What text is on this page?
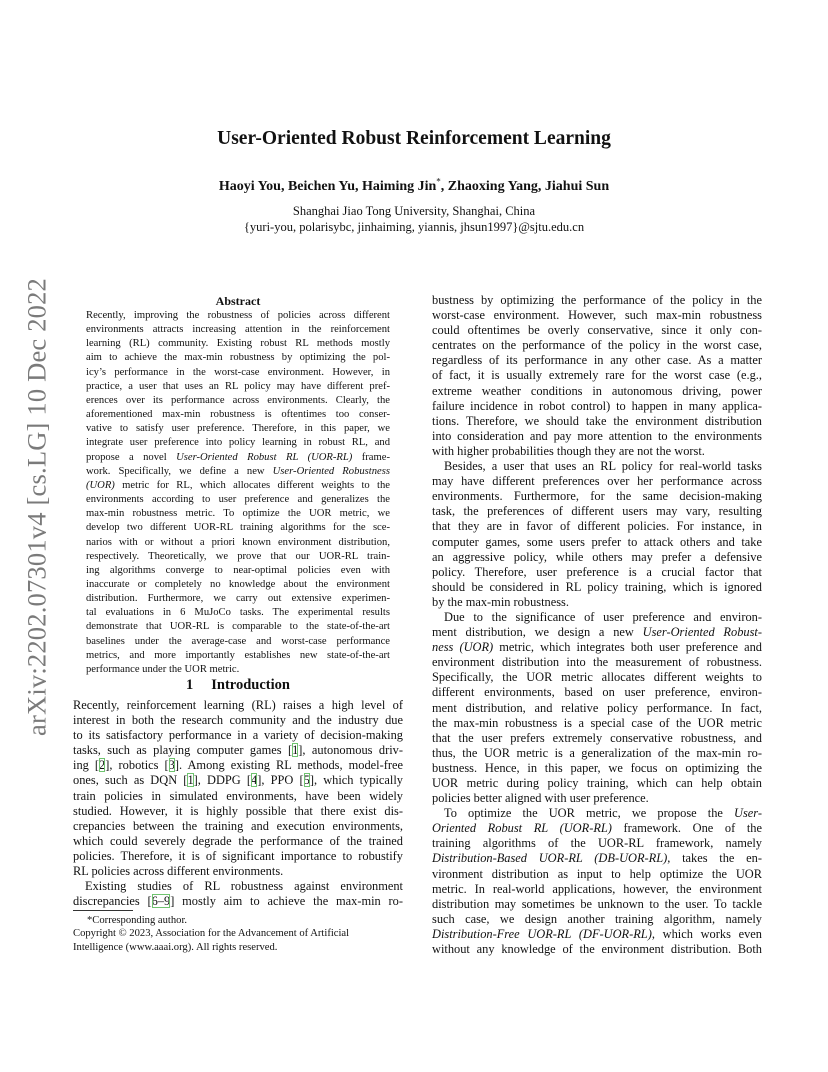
arXiv:2202.07301v4 [cs.LG] 10 Dec 2022
User-Oriented Robust Reinforcement Learning
Haoyi You, Beichen Yu, Haiming Jin*, Zhaoxing Yang, Jiahui Sun
Shanghai Jiao Tong University, Shanghai, China
{yuri-you, polarisybc, jinhaiming, yiannis, jhsun1997}@sjtu.edu.cn
Abstract
Recently, improving the robustness of policies across different
environments attracts increasing attention in the reinforcement
learning (RL) community. Existing robust RL methods mostly
aim to achieve the max-min robustness by optimizing the pol-
icy’s performance in the worst-case environment. However, in
practice, a user that uses an RL policy may have different pref-
erences over its performance across environments. Clearly, the
aforementioned max-min robustness is oftentimes too conser-
vative to satisfy user preference. Therefore, in this paper, we
integrate user preference into policy learning in robust RL, and
propose a novel User-Oriented Robust RL (UOR-RL) frame-
work. Specifically, we define a new User-Oriented Robustness
(UOR) metric for RL, which allocates different weights to the
environments according to user preference and generalizes the
max-min robustness metric. To optimize the UOR metric, we
develop two different UOR-RL training algorithms for the sce-
narios with or without a priori known environment distribution,
respectively. Theoretically, we prove that our UOR-RL train-
ing algorithms converge to near-optimal policies even with
inaccurate or completely no knowledge about the environment
distribution. Furthermore, we carry out extensive experimen-
tal evaluations in 6 MuJoCo tasks. The experimental results
demonstrate that UOR-RL is comparable to the state-of-the-art
baselines under the average-case and worst-case performance
metrics, and more importantly establishes new state-of-the-art
performance under the UOR metric.
1 Introduction
Recently, reinforcement learning (RL) raises a high level of
interest in both the research community and the industry due
to its satisfactory performance in a variety of decision-making
tasks, such as playing computer games [1], autonomous driv-
ing [2], robotics [3]. Among existing RL methods, model-free
ones, such as DQN [1], DDPG [4], PPO [5], which typically
train policies in simulated environments, have been widely
studied. However, it is highly possible that there exist dis-
crepancies between the training and execution environments,
which could severely degrade the performance of the trained
policies. Therefore, it is of significant importance to robustify
RL policies across different environments.
Existing studies of RL robustness against environment
discrepancies [6–9] mostly aim to achieve the max-min ro-
*Corresponding author.
Copyright © 2023, Association for the Advancement of Artificial
Intelligence (www.aaai.org). All rights reserved.
bustness by optimizing the performance of the policy in the
worst-case environment. However, such max-min robustness
could oftentimes be overly conservative, since it only con-
centrates on the performance of the policy in the worst case,
regardless of its performance in any other case. As a matter
of fact, it is usually extremely rare for the worst case (e.g.,
extreme weather conditions in autonomous driving, power
failure incidence in robot control) to happen in many applica-
tions. Therefore, we should take the environment distribution
into consideration and pay more attention to the environments
with higher probabilities though they are not the worst.
Besides, a user that uses an RL policy for real-world tasks
may have different preferences over her performance across
environments. Furthermore, for the same decision-making
task, the preferences of different users may vary, resulting
that they are in favor of different policies. For instance, in
computer games, some users prefer to attack others and take
an aggressive policy, while others may prefer a defensive
policy. Therefore, user preference is a crucial factor that
should be considered in RL policy training, which is ignored
by the max-min robustness.
Due to the significance of user preference and environ-
ment distribution, we design a new User-Oriented Robust-
ness (UOR) metric, which integrates both user preference and
environment distribution into the measurement of robustness.
Specifically, the UOR metric allocates different weights to
different environments, based on user preference, environ-
ment distribution, and relative policy performance. In fact,
the max-min robustness is a special case of the UOR metric
that the user prefers extremely conservative robustness, and
thus, the UOR metric is a generalization of the max-min ro-
bustness. Hence, in this paper, we focus on optimizing the
UOR metric during policy training, which can help obtain
policies better aligned with user preference.
To optimize the UOR metric, we propose the User-
Oriented Robust RL (UOR-RL) framework. One of the
training algorithms of the UOR-RL framework, namely
Distribution-Based UOR-RL (DB-UOR-RL), takes the en-
vironment distribution as input to help optimize the UOR
metric. In real-world applications, however, the environment
distribution may sometimes be unknown to the user. To tackle
such case, we design another training algorithm, namely
Distribution-Free UOR-RL (DF-UOR-RL), which works even
without any knowledge of the environment distribution. Both
